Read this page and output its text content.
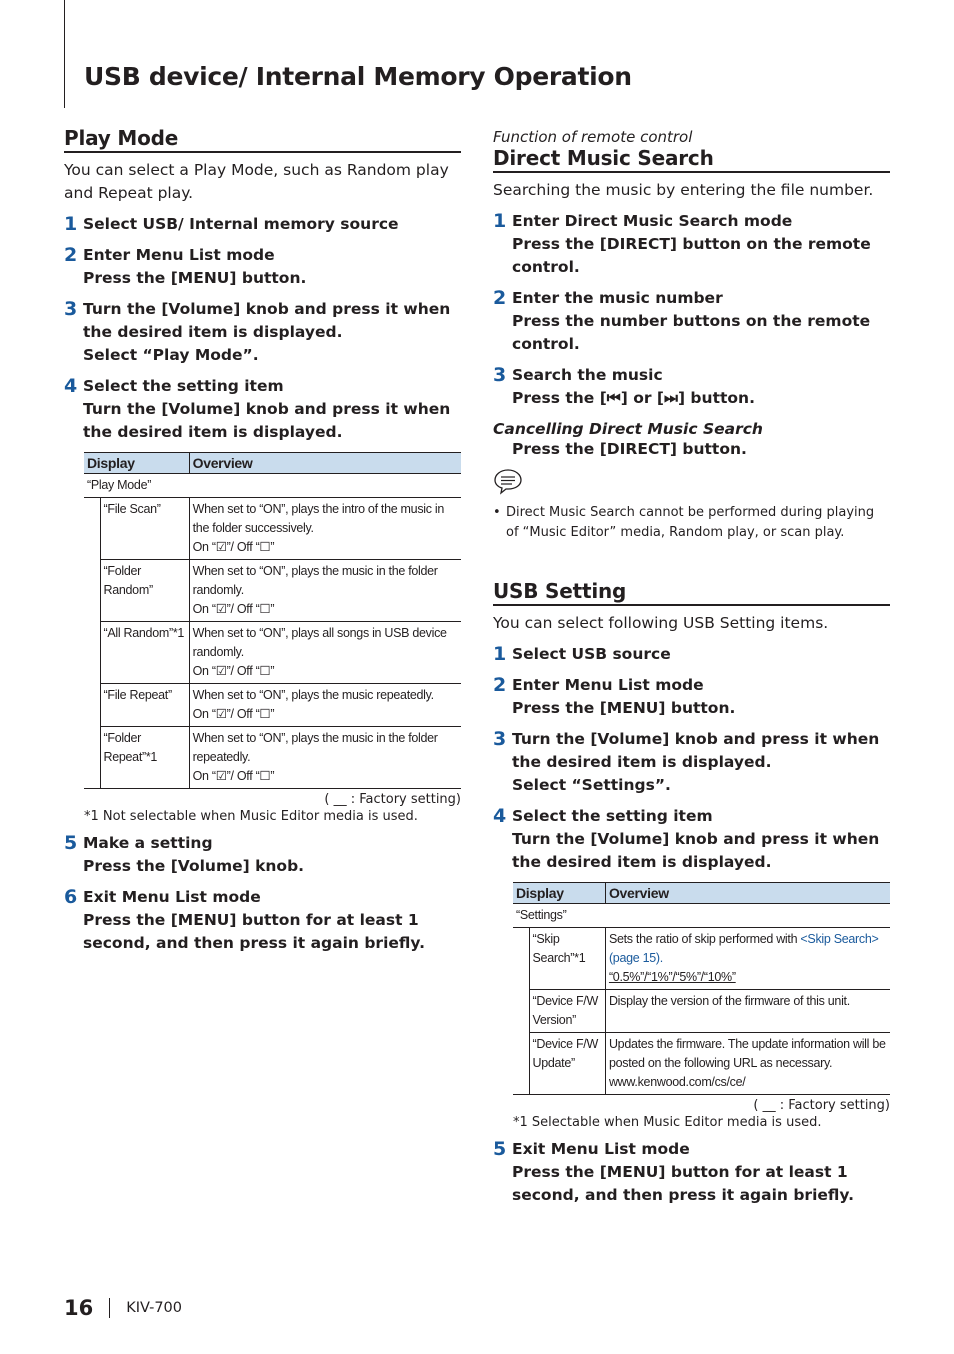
USB device/ Internal Memory Operation
Play Mode

You can select a Play Mode, such as Random play and Repeat play.

1 Select USB/ Internal memory source
2 Enter Menu List mode
Press the [MENU] button.
3 Turn the [Volume] knob and press it when the desired item is displayed.
Select “Play Mode”.
4 Select the setting item
Turn the [Volume] knob and press it when the desired item is displayed.
Display		Overview
“Play Mode”		
	“File Scan”	When set to “ON”, plays the intro of the music in the folder successively.
On “☑”/ Off “☐”
	“Folder Random”	When set to “ON”, plays the music in the folder randomly.
On “☑”/ Off “☐”
	“All Random”*1	When set to “ON”, plays all songs in USB device randomly.
On “☑”/ Off “☐”
	“File Repeat”	When set to “ON”, plays the music repeatedly.
On “☑”/ Off “☐”
	“Folder Repeat”*1	When set to “ON”, plays the music in the folder repeatedly.
On “☑”/ Off “☐”

( __ : Factory setting)

*1 Not selectable when Music Editor media is used.

5 Make a setting
Press the [Volume] knob.
6 Exit Menu List mode
Press the [MENU] button for at least 1 second, and then press it again briefly.

Function of remote control

Direct Music Search

Searching the music by entering the file number.

1 Enter Direct Music Search mode
Press the [DIRECT] button on the remote control.
2 Enter the music number
Press the number buttons on the remote control.
3 Search the music
Press the [⏮] or [⏭] button.

Cancelling Direct Music Search

Press the [DIRECT] button.

• Direct Music Search cannot be performed during playing of “Music Editor” media, Random play, or scan play.

USB Setting

You can select following USB Setting items.

1 Select USB source
2 Enter Menu List mode
Press the [MENU] button.
3 Turn the [Volume] knob and press it when the desired item is displayed.
Select “Settings”.
4 Select the setting item
Turn the [Volume] knob and press it when the desired item is displayed.
Display		Overview
“Settings”		
	“Skip Search”*1	Sets the ratio of skip performed with <Skip Search> (page 15).
“0.5%”/“1%”/“5%”/“10%”
	“Device F/W Version”	Display the version of the firmware of this unit.
	“Device F/W Update”	Updates the firmware. The update information will be posted on the following URL as necessary. www.kenwood.com/cs/ce/

( __ : Factory setting)

*1 Selectable when Music Editor media is used.

5 Exit Menu List mode
Press the [MENU] button for at least 1 second, and then press it again briefly.
16 KIV-700
